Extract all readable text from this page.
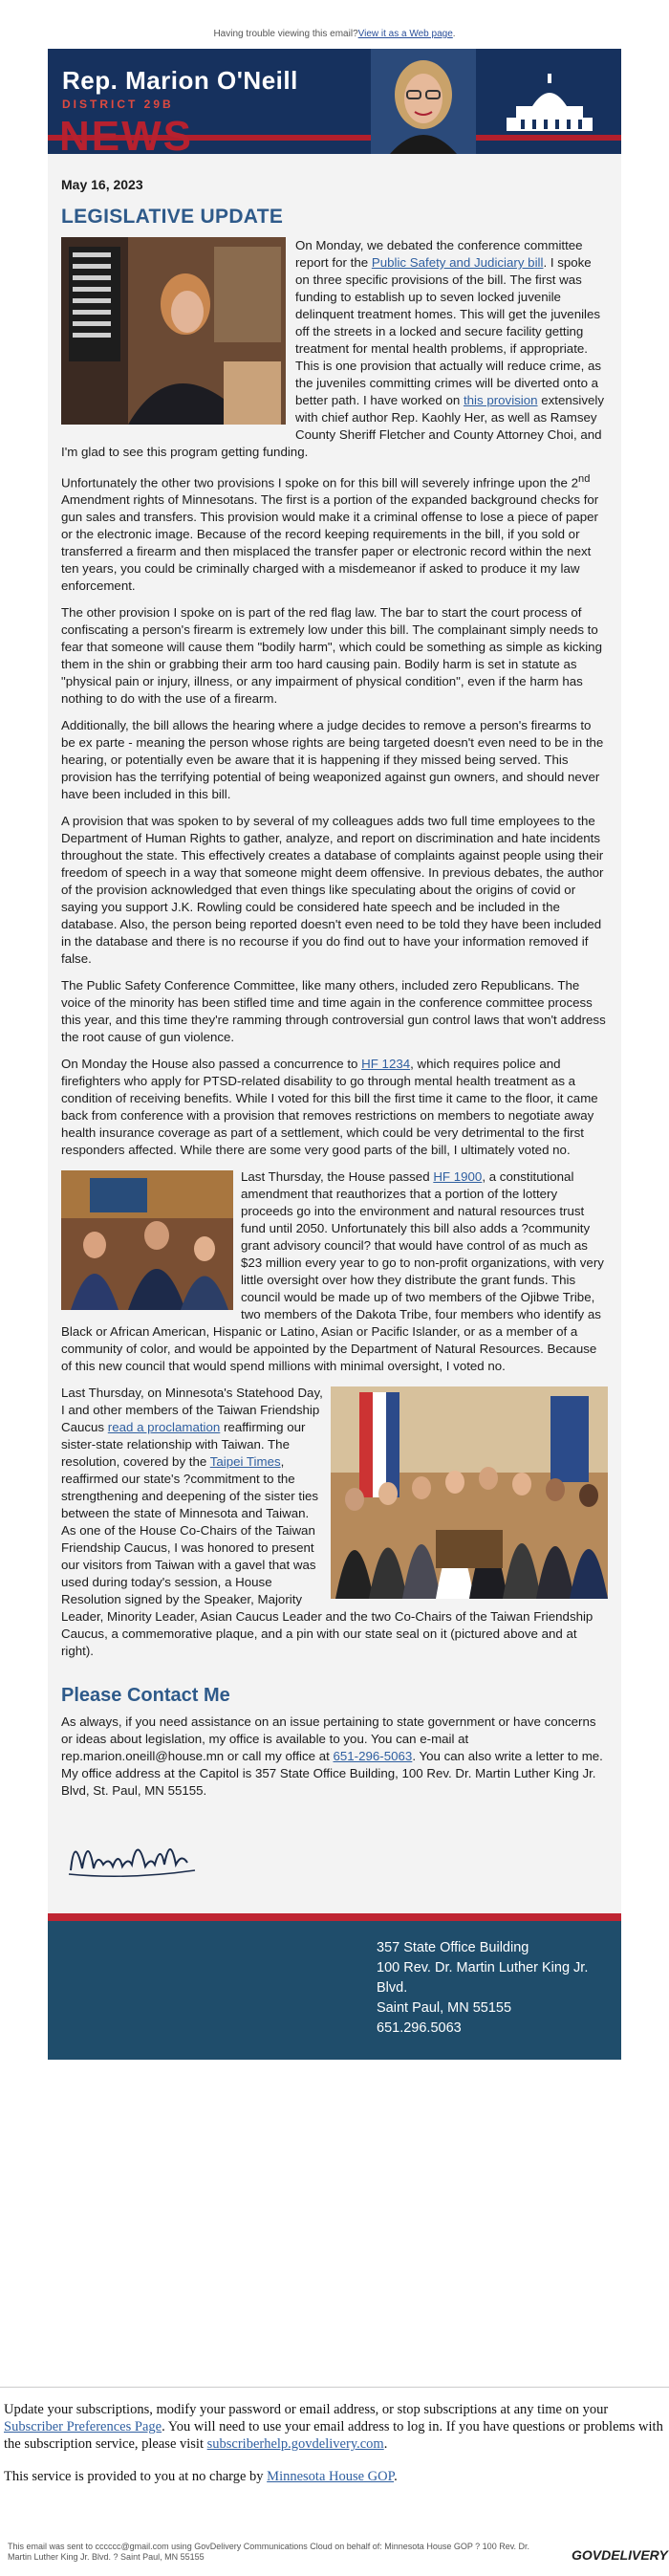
Having trouble viewing this email?View it as a Web page.
Rep. Marion O'Neill
DISTRICT 29B
NEWS
May 16, 2023
LEGISLATIVE UPDATE

On Monday, we debated the conference committee report for the Public Safety and Judiciary bill. I spoke on three specific provisions of the bill. The first was funding to establish up to seven locked juvenile delinquent treatment homes. This will get the juveniles off the streets in a locked and secure facility getting treatment for mental health problems, if appropriate. This is one provision that actually will reduce crime, as the juveniles committing crimes will be diverted onto a better path. I have worked on this provision extensively with chief author Rep. Kaohly Her, as well as Ramsey County Sheriff Fletcher and County Attorney Choi, and I'm glad to see this program getting funding.

Unfortunately the other two provisions I spoke on for this bill will severely infringe upon the 2nd Amendment rights of Minnesotans. The first is a portion of the expanded background checks for gun sales and transfers. This provision would make it a criminal offense to lose a piece of paper or the electronic image. Because of the record keeping requirements in the bill, if you sold or transferred a firearm and then misplaced the transfer paper or electronic record within the next ten years, you could be criminally charged with a misdemeanor if asked to produce it my law enforcement.

The other provision I spoke on is part of the red flag law. The bar to start the court process of confiscating a person's firearm is extremely low under this bill. The complainant simply needs to fear that someone will cause them "bodily harm", which could be something as simple as kicking them in the shin or grabbing their arm too hard causing pain. Bodily harm is set in statute as "physical pain or injury, illness, or any impairment of physical condition", even if the harm has nothing to do with the use of a firearm.

Additionally, the bill allows the hearing where a judge decides to remove a person's firearms to be ex parte - meaning the person whose rights are being targeted doesn't even need to be in the hearing, or potentially even be aware that it is happening if they missed being served. This provision has the terrifying potential of being weaponized against gun owners, and should never have been included in this bill.

A provision that was spoken to by several of my colleagues adds two full time employees to the Department of Human Rights to gather, analyze, and report on discrimination and hate incidents throughout the state. This effectively creates a database of complaints against people using their freedom of speech in a way that someone might deem offensive. In previous debates, the author of the provision acknowledged that even things like speculating about the origins of covid or saying you support J.K. Rowling could be considered hate speech and be included in the database. Also, the person being reported doesn't even need to be told they have been included in the database and there is no recourse if you do find out to have your information removed if false.

The Public Safety Conference Committee, like many others, included zero Republicans. The voice of the minority has been stifled time and time again in the conference committee process this year, and this time they're ramming through controversial gun control laws that won't address the root cause of gun violence.

On Monday the House also passed a concurrence to HF 1234, which requires police and firefighters who apply for PTSD-related disability to go through mental health treatment as a condition of receiving benefits. While I voted for this bill the first time it came to the floor, it came back from conference with a provision that removes restrictions on members to negotiate away health insurance coverage as part of a settlement, which could be very detrimental to the first responders affected. While there are some very good parts of the bill, I ultimately voted no.

Last Thursday, the House passed HF 1900, a constitutional amendment that reauthorizes that a portion of the lottery proceeds go into the environment and natural resources trust fund until 2050. Unfortunately this bill also adds a ?community grant advisory council? that would have control of as much as $23 million every year to go to non-profit organizations, with very little oversight over how they distribute the grant funds. This council would be made up of two members of the Ojibwe Tribe, two members of the Dakota Tribe, four members who identify as Black or African American, Hispanic or Latino, Asian or Pacific Islander, or as a member of a community of color, and would be appointed by the Department of Natural Resources. Because of this new council that would spend millions with minimal oversight, I voted no.

Last Thursday, on Minnesota's Statehood Day, I and other members of the Taiwan Friendship Caucus read a proclamation reaffirming our sister-state relationship with Taiwan. The resolution, covered by the Taipei Times, reaffirmed our state's ?commitment to the strengthening and deepening of the sister ties between the state of Minnesota and Taiwan. As one of the House Co-Chairs of the Taiwan Friendship Caucus, I was honored to present our visitors from Taiwan with a gavel that was used during today's session, a House Resolution signed by the Speaker, Majority Leader, Minority Leader, Asian Caucus Leader and the two Co-Chairs of the Taiwan Friendship Caucus, a commemorative plaque, and a pin with our state seal on it (pictured above and at right).

Please Contact Me

As always, if you need assistance on an issue pertaining to state government or have concerns or ideas about legislation, my office is available to you. You can e-mail at rep.marion.oneill@house.mn or call my office at 651-296-5063. You can also write a letter to me. My office address at the Capitol is 357 State Office Building, 100 Rev. Dr. Martin Luther King Jr. Blvd, St. Paul, MN 55155.

357 State Office Building
100 Rev. Dr. Martin Luther King Jr. Blvd.
Saint Paul, MN 55155
651.296.5063

Update your subscriptions, modify your password or email address, or stop subscriptions at any time on your Subscriber Preferences Page. You will need to use your email address to log in. If you have questions or problems with the subscription service, please visit subscriberhelp.govdelivery.com.

This service is provided to you at no charge by Minnesota House GOP.

This email was sent to cccccc@gmail.com using GovDelivery Communications Cloud on behalf of: Minnesota House GOP ? 100 Rev. Dr. Martin Luther King Jr. Blvd. ? Saint Paul, MN 55155	GOVDELIVERY
